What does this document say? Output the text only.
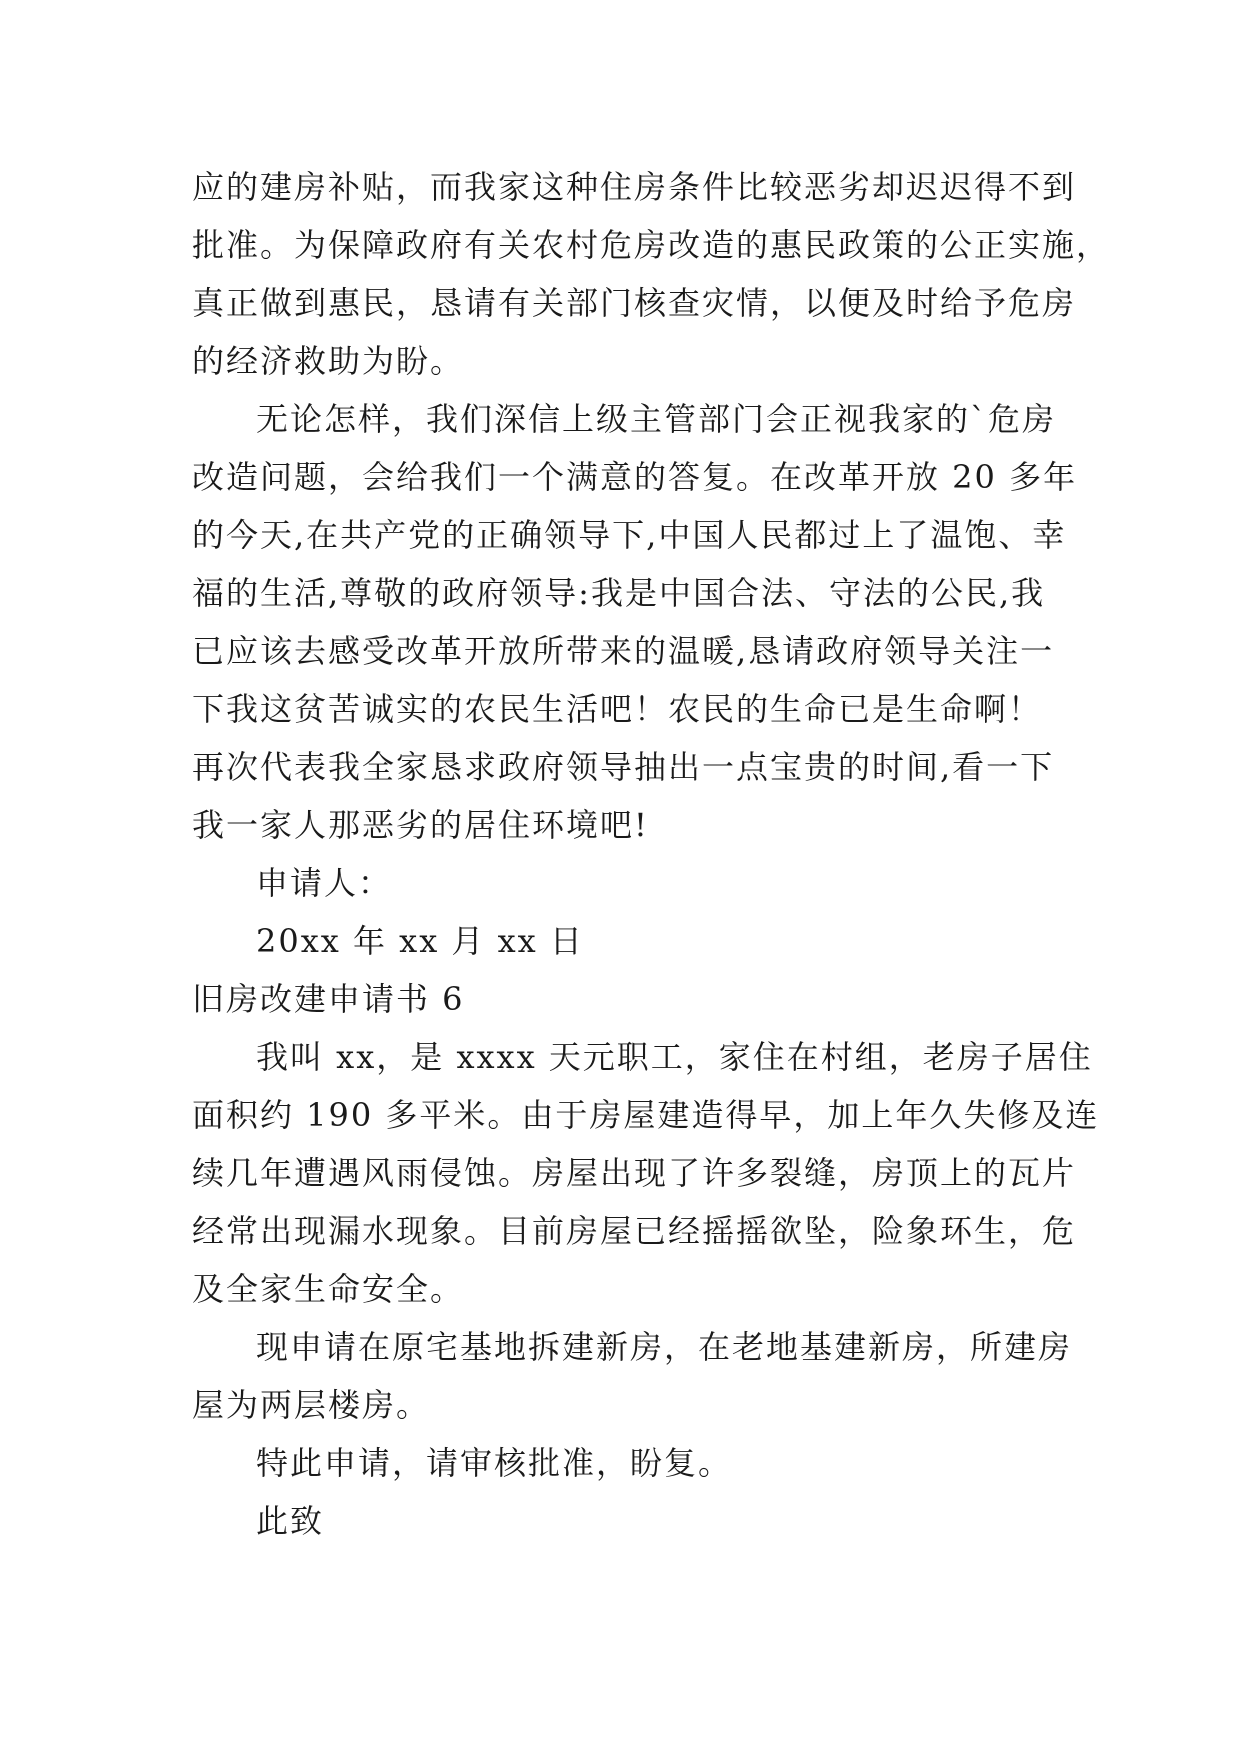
应的建房补贴，而我家这种住房条件比较恶劣却迟迟得不到
批准。为保障政府有关农村危房改造的惠民政策的公正实施，
真正做到惠民，恳请有关部门核查灾情，以便及时给予危房
的经济救助为盼。
无论怎样，我们深信上级主管部门会正视我家的`危房
改造问题，会给我们一个满意的答复。在改革开放 20 多年
的今天,在共产党的正确领导下,中国人民都过上了温饱、幸
福的生活,尊敬的政府领导:我是中国合法、守法的公民,我
已应该去感受改革开放所带来的温暖,恳请政府领导关注一
下我这贫苦诚实的农民生活吧！农民的生命已是生命啊！
再次代表我全家恳求政府领导抽出一点宝贵的时间,看一下
我一家人那恶劣的居住环境吧!
申请人：
20xx 年 xx 月 xx 日
旧房改建申请书 6
我叫 xx，是 xxxx 天元职工，家住在村组，老房子居住
面积约 190 多平米。由于房屋建造得早，加上年久失修及连
续几年遭遇风雨侵蚀。房屋出现了许多裂缝，房顶上的瓦片
经常出现漏水现象。目前房屋已经摇摇欲坠，险象环生，危
及全家生命安全。
现申请在原宅基地拆建新房，在老地基建新房，所建房
屋为两层楼房。
特此申请，请审核批准，盼复。
此致
